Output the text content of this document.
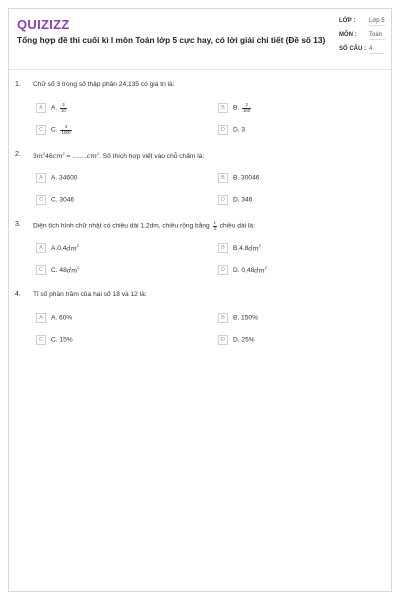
QUIZIZZ
Tổng hợp đề thi cuối kì I môn Toán lớp 5 cực hay, có lời giải chi tiết (Đề số 13)
LỚP : Lớp 5
MÔN : Toán
SỐ CÂU : 4
1. Chữ số 3 trong số thập phân 24,135 có giá trị là:
A A. $\frac{3}{10}$	B B. $\frac{3}{100}$
C C. $\frac{3}{1000}$	D D. 3
2. $3m^246cm^2 = ........cm^2$. Số thích hợp viết vào chỗ chấm là:
A A. 34600	B B. 30046
C C. 3046	D D. 346
3. Diện tích hình chữ nhật có chiều dài 1,2dm, chiều rộng bằng $\frac{1}{3}$ chiều dài là:
A $A.0,4dm^2$	B $B.4,8dm^2$
C C. $48dm^2$	D D. $0,48dm^2$
4. Tỉ số phần trăm của hai số 18 và 12 là:
A A. 60%	B B. 150%
C C. 15%	D D. 25%
